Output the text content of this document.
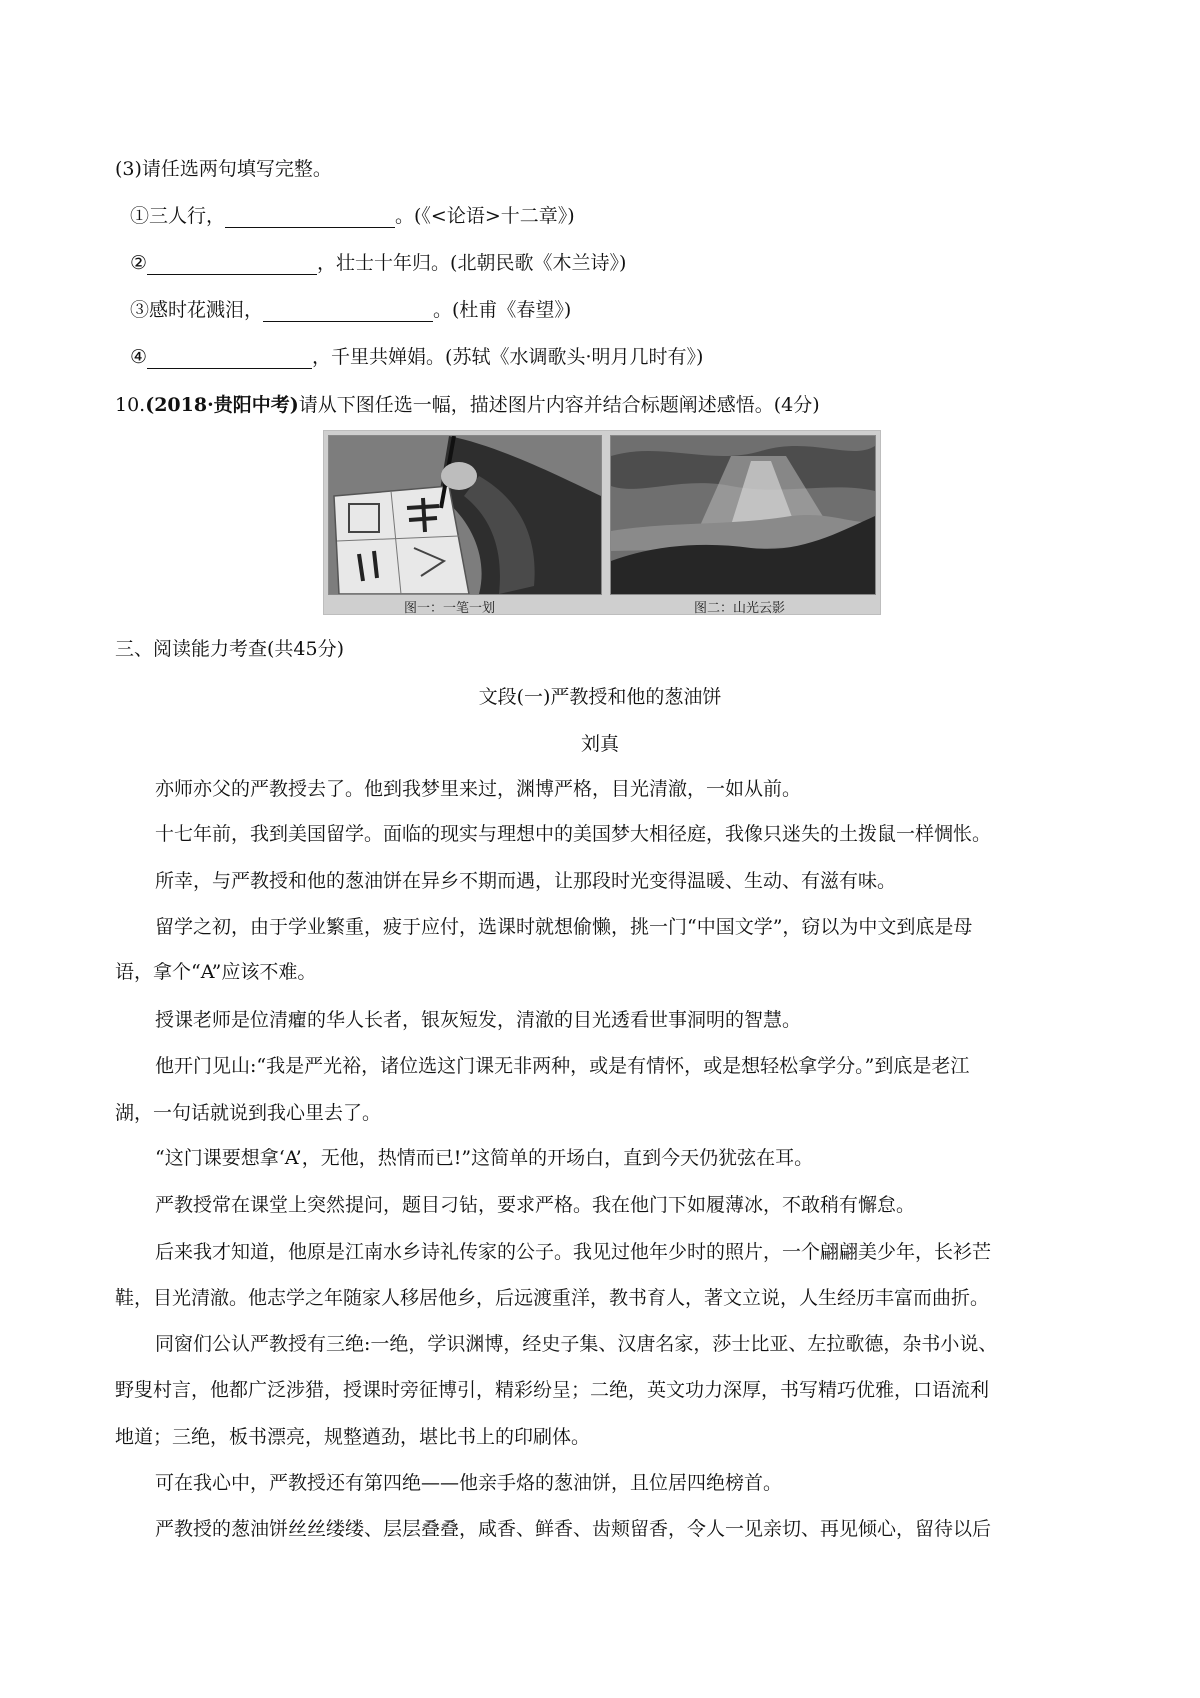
(3)请任选两句填写完整。
①三人行，	。(《<论语>十二章》)
②	，壮士十年归。(北朝民歌《木兰诗》)
③感时花溅泪，	。(杜甫《春望》)
④	，千里共婵娟。(苏轼《水调歌头·明月几时有》)
10.(2018·贵阳中考)请从下图任选一幅，描述图片内容并结合标题阐述感悟。(4分)
图一：一笔一划	图二：山光云影
三、阅读能力考查(共45分)
文段(一)严教授和他的葱油饼
刘真
亦师亦父的严教授去了。他到我梦里来过，渊博严格，目光清澈，一如从前。
十七年前，我到美国留学。面临的现实与理想中的美国梦大相径庭，我像只迷失的土拨鼠一样惆怅。
所幸，与严教授和他的葱油饼在异乡不期而遇，让那段时光变得温暖、生动、有滋有味。
留学之初，由于学业繁重，疲于应付，选课时就想偷懒，挑一门“中国文学”，窃以为中文到底是母
语，拿个“A”应该不难。
授课老师是位清癯的华人长者，银灰短发，清澈的目光透看世事洞明的智慧。
他开门见山:“我是严光裕，诸位选这门课无非两种，或是有情怀，或是想轻松拿学分。”到底是老江
湖，一句话就说到我心里去了。
“这门课要想拿‘A’，无他，热情而已!”这简单的开场白，直到今天仍犹弦在耳。
严教授常在课堂上突然提问，题目刁钻，要求严格。我在他门下如履薄冰，不敢稍有懈怠。
后来我才知道，他原是江南水乡诗礼传家的公子。我见过他年少时的照片，一个翩翩美少年，长衫芒
鞋，目光清澈。他志学之年随家人移居他乡，后远渡重洋，教书育人，著文立说，人生经历丰富而曲折。
同窗们公认严教授有三绝:一绝，学识渊博，经史子集、汉唐名家，莎士比亚、左拉歌德，杂书小说、
野叟村言，他都广泛涉猎，授课时旁征博引，精彩纷呈；二绝，英文功力深厚，书写精巧优雅，口语流利
地道；三绝，板书漂亮，规整遒劲，堪比书上的印刷体。
可在我心中，严教授还有第四绝——他亲手烙的葱油饼，且位居四绝榜首。
严教授的葱油饼丝丝缕缕、层层叠叠，咸香、鲜香、齿颊留香，令人一见亲切、再见倾心，留待以后
